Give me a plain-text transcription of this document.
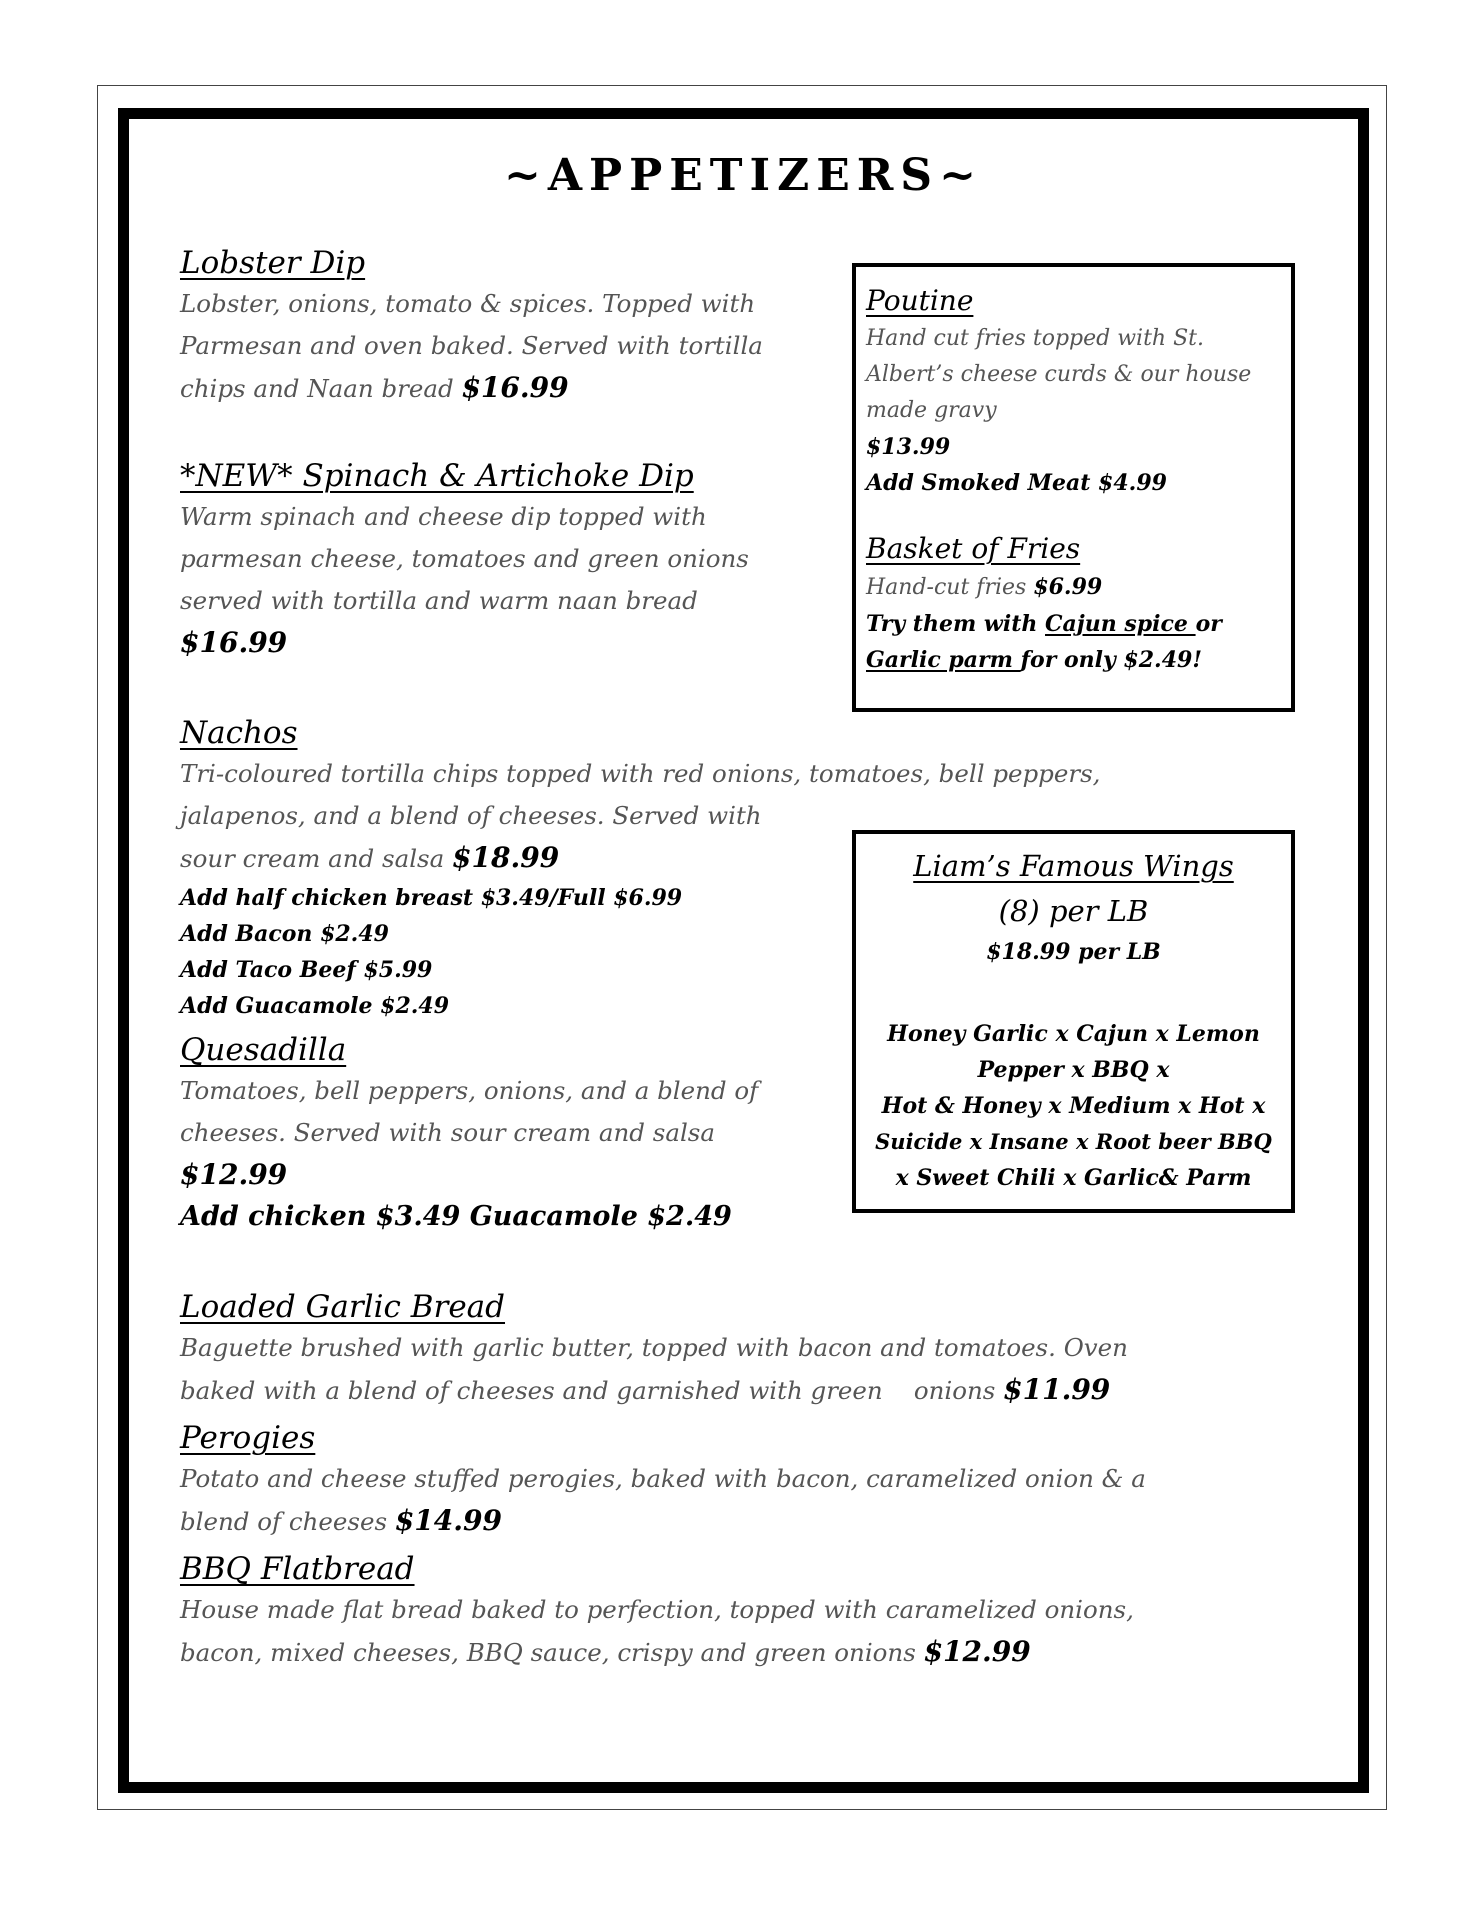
~APPETIZERS~
Lobster Dip
Lobster, onions, tomato & spices. Topped with
Parmesan and oven baked. Served with tortilla
chips and Naan bread $16.99
*NEW* Spinach & Artichoke Dip
Warm spinach and cheese dip topped with
parmesan cheese, tomatoes and green onions
served with tortilla and warm naan bread
$16.99
Nachos
Tri-coloured tortilla chips topped with red onions, tomatoes, bell peppers,
jalapenos, and a blend of cheeses. Served with
sour cream and salsa $18.99
Add half chicken breast $3.49/Full $6.99
Add Bacon $2.49
Add Taco Beef $5.99
Add Guacamole $2.49
Quesadilla
Tomatoes, bell peppers, onions, and a blend of
cheeses. Served with sour cream and salsa
$12.99
Add chicken $3.49 Guacamole $2.49
Loaded Garlic Bread
Baguette brushed with garlic butter, topped with bacon and tomatoes. Oven
baked with a blend of cheeses and garnished with green    onions $11.99
Perogies
Potato and cheese stuffed perogies, baked with bacon, caramelized onion & a
blend of cheeses $14.99
BBQ Flatbread
House made flat bread baked to perfection, topped with caramelized onions,
bacon, mixed cheeses, BBQ sauce, crispy and green onions $12.99
Poutine
Hand cut fries topped with St.
Albert’s cheese curds & our house
made gravy
$13.99
Add Smoked Meat $4.99
Basket of Fries
Hand-cut fries $6.99
Try them with Cajun spice or
Garlic parm for only $2.49!
Liam’s Famous Wings
(8) per LB
$18.99 per LB
Honey Garlic x Cajun x Lemon
Pepper x BBQ x
Hot & Honey x Medium x Hot x
Suicide x Insane x Root beer BBQ
x Sweet Chili x Garlic& Parm
